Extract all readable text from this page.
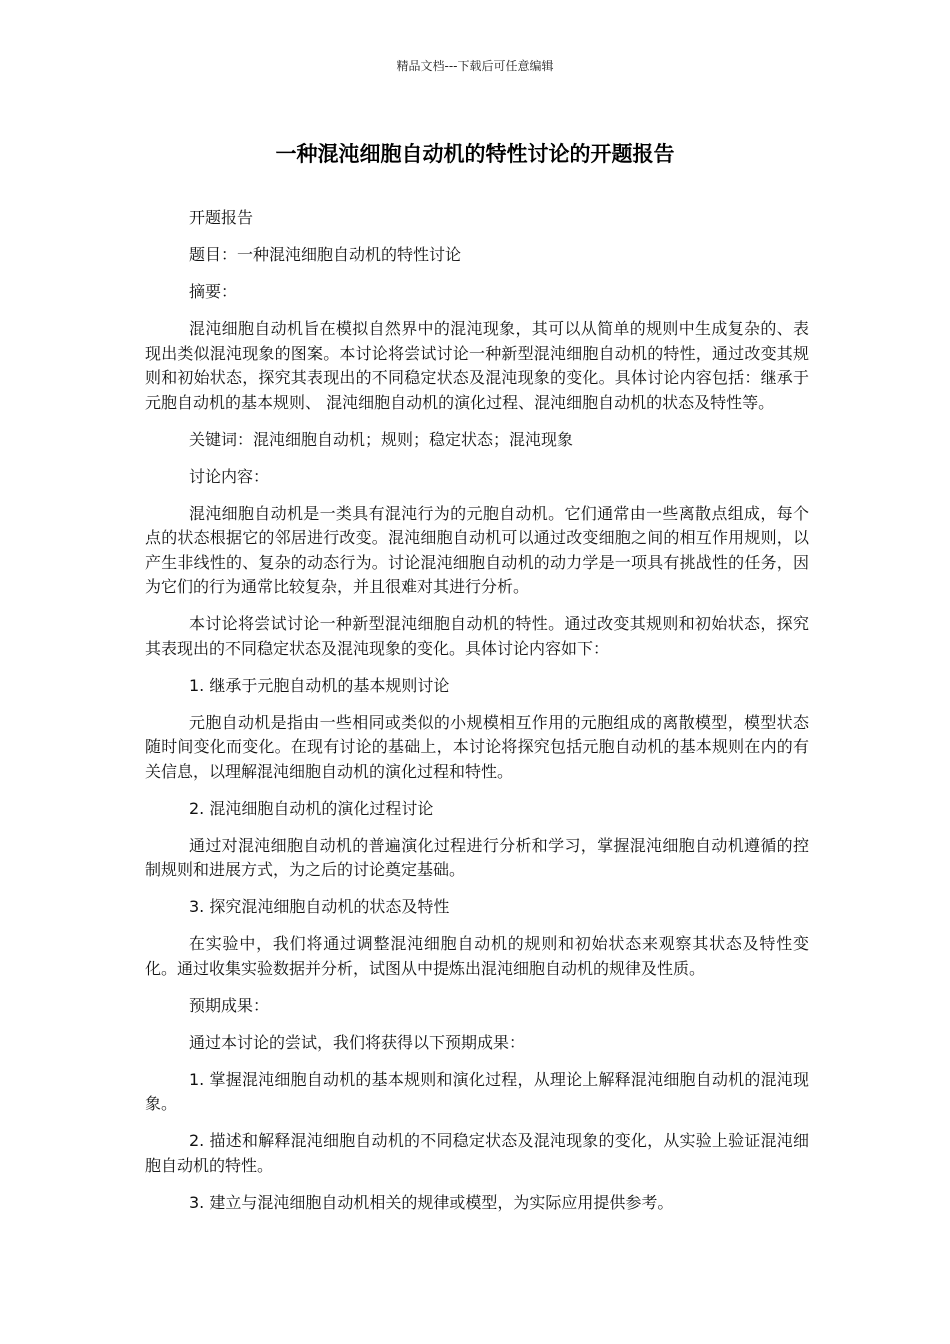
精品文档---下载后可任意编辑
一种混沌细胞自动机的特性讨论的开题报告

开题报告

题目：一种混沌细胞自动机的特性讨论

摘要：

混沌细胞自动机旨在模拟自然界中的混沌现象，其可以从简单的规则中生成复杂的、表现出类似混沌现象的图案。本讨论将尝试讨论一种新型混沌细胞自动机的特性，通过改变其规则和初始状态，探究其表现出的不同稳定状态及混沌现象的变化。具体讨论内容包括：继承于元胞自动机的基本规则、 混沌细胞自动机的演化过程、混沌细胞自动机的状态及特性等。

关键词：混沌细胞自动机；规则；稳定状态；混沌现象

讨论内容：

混沌细胞自动机是一类具有混沌行为的元胞自动机。它们通常由一些离散点组成，每个点的状态根据它的邻居进行改变。混沌细胞自动机可以通过改变细胞之间的相互作用规则，以产生非线性的、复杂的动态行为。讨论混沌细胞自动机的动力学是一项具有挑战性的任务，因为它们的行为通常比较复杂，并且很难对其进行分析。

本讨论将尝试讨论一种新型混沌细胞自动机的特性。通过改变其规则和初始状态，探究其表现出的不同稳定状态及混沌现象的变化。具体讨论内容如下：

1. 继承于元胞自动机的基本规则讨论

元胞自动机是指由一些相同或类似的小规模相互作用的元胞组成的离散模型，模型状态随时间变化而变化。在现有讨论的基础上，本讨论将探究包括元胞自动机的基本规则在内的有关信息，以理解混沌细胞自动机的演化过程和特性。

2. 混沌细胞自动机的演化过程讨论

通过对混沌细胞自动机的普遍演化过程进行分析和学习，掌握混沌细胞自动机遵循的控制规则和进展方式，为之后的讨论奠定基础。

3. 探究混沌细胞自动机的状态及特性

在实验中，我们将通过调整混沌细胞自动机的规则和初始状态来观察其状态及特性变化。通过收集实验数据并分析，试图从中提炼出混沌细胞自动机的规律及性质。

预期成果：

通过本讨论的尝试，我们将获得以下预期成果：

1. 掌握混沌细胞自动机的基本规则和演化过程，从理论上解释混沌细胞自动机的混沌现象。

2. 描述和解释混沌细胞自动机的不同稳定状态及混沌现象的变化，从实验上验证混沌细胞自动机的特性。

3. 建立与混沌细胞自动机相关的规律或模型，为实际应用提供参考。
